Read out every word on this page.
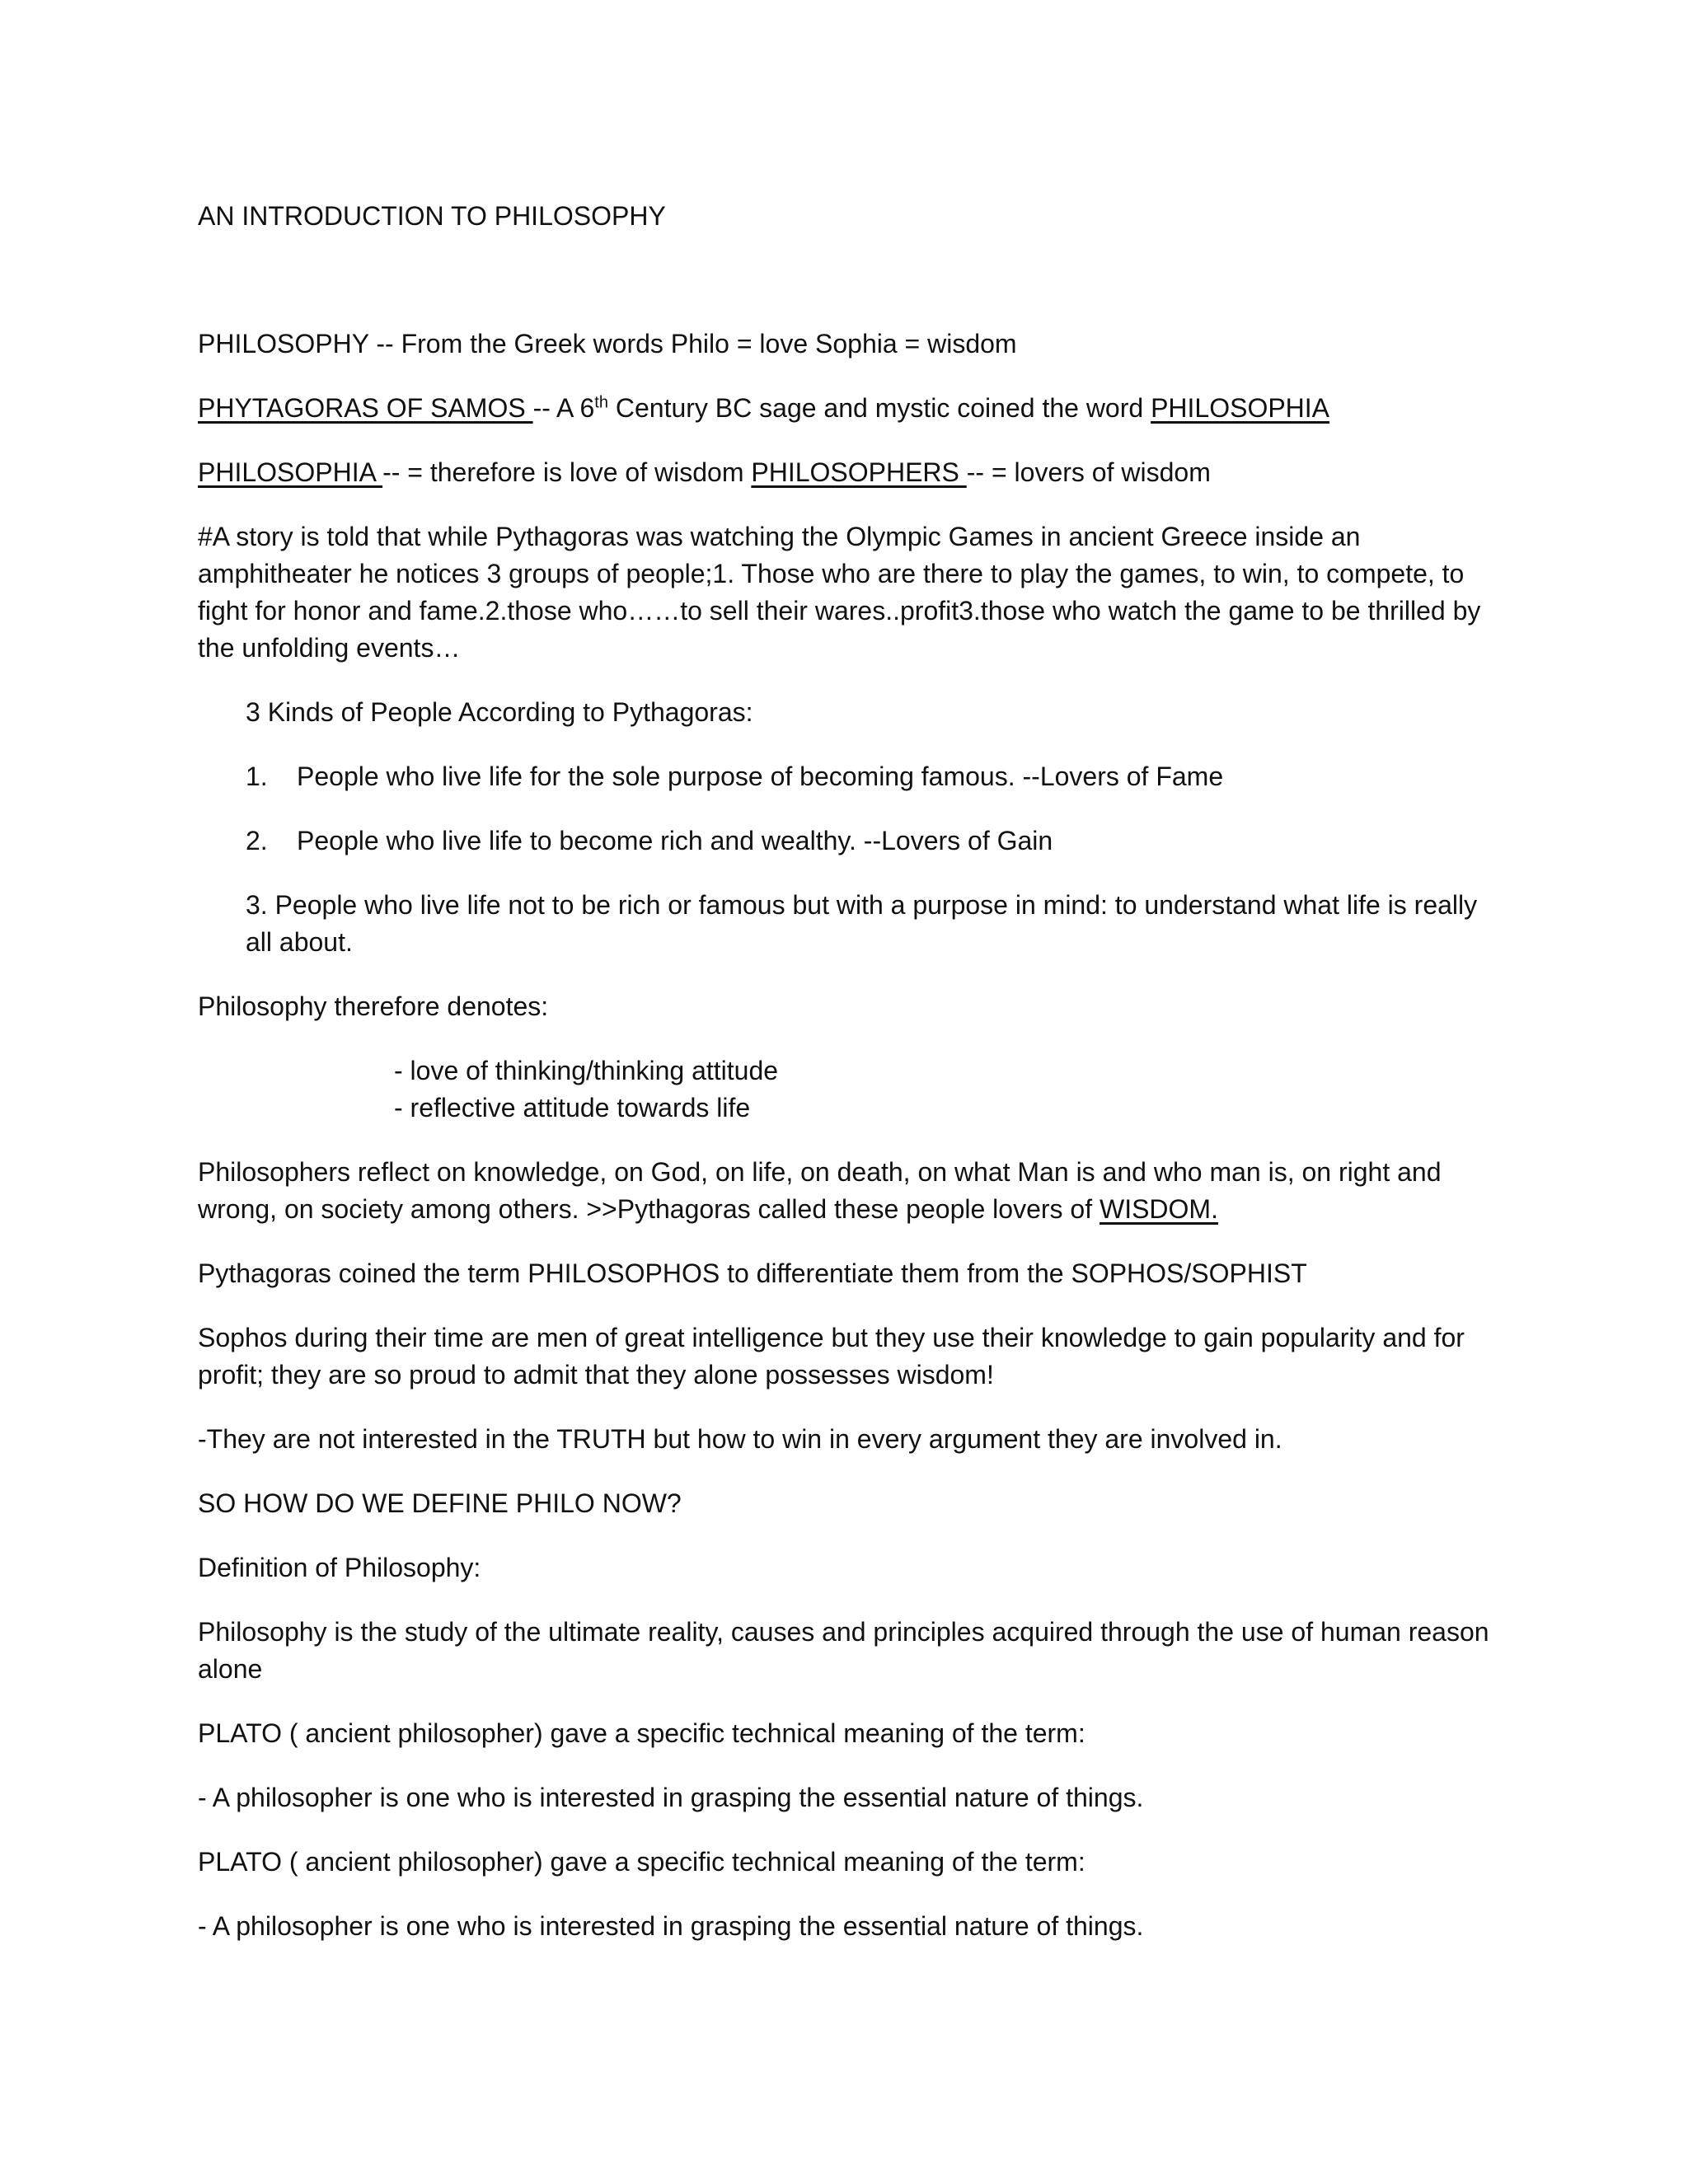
AN INTRODUCTION TO PHILOSOPHY

PHILOSOPHY -- From the Greek words Philo = love Sophia = wisdom

PHYTAGORAS OF SAMOS -- A 6th Century BC sage and mystic coined the word PHILOSOPHIA

PHILOSOPHIA -- = therefore is love of wisdom PHILOSOPHERS -- = lovers of wisdom

#A story is told that while Pythagoras was watching the Olympic Games in ancient Greece inside an amphitheater he notices 3 groups of people;1. Those who are there to play the games, to win, to compete, to fight for honor and fame.2.those who……to sell their wares..profit3.those who watch the game to be thrilled by the unfolding events…

3 Kinds of People According to Pythagoras:

1. People who live life for the sole purpose of becoming famous. --Lovers of Fame

2. People who live life to become rich and wealthy. --Lovers of Gain

3. People who live life not to be rich or famous but with a purpose in mind: to understand what life is really all about.

Philosophy therefore denotes:

- love of thinking/thinking attitude
- reflective attitude towards life

Philosophers reflect on knowledge, on God, on life, on death, on what Man is and who man is, on right and wrong, on society among others. >>Pythagoras called these people lovers of WISDOM.

Pythagoras coined the term PHILOSOPHOS to differentiate them from the SOPHOS/SOPHIST

Sophos during their time are men of great intelligence but they use their knowledge to gain popularity and for profit; they are so proud to admit that they alone possesses wisdom!

-They are not interested in the TRUTH but how to win in every argument they are involved in.

SO HOW DO WE DEFINE PHILO NOW?

Definition of Philosophy:

Philosophy is the study of the ultimate reality, causes and principles acquired through the use of human reason alone

PLATO ( ancient philosopher) gave a specific technical meaning of the term:

- A philosopher is one who is interested in grasping the essential nature of things.

PLATO ( ancient philosopher) gave a specific technical meaning of the term:

- A philosopher is one who is interested in grasping the essential nature of things.
